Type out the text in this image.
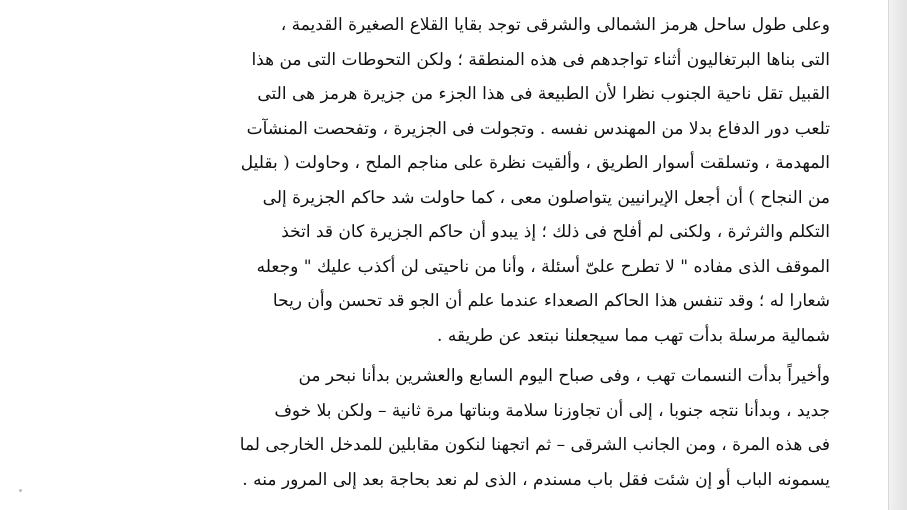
وعلى طول ساحل هرمز الشمالى والشرقى توجد بقايا القلاع الصغيرة القديمة ،
التى بناها البرتغاليون أثناء تواجدهم فى هذه المنطقة ؛ ولكن التحوطات التى من هذا
القبيل تقل ناحية الجنوب نظرا لأن الطبيعة فى هذا الجزء من جزيرة هرمز هى التى
تلعب دور الدفاع بدلا من المهندس نفسه . وتجولت فى الجزيرة ، وتفحصت المنشآت
المهدمة ، وتسلقت أسوار الطريق ، وألقيت نظرة على مناجم الملح ، وحاولت ( بقليل
من النجاح ) أن أجعل الإيرانيين يتواصلون معى ، كما حاولت شد حاكم الجزيرة إلى
التكلم والثرثرة ، ولكنى لم أفلح فى ذلك ؛ إذ يبدو أن حاكم الجزيرة كان قد اتخذ
الموقف الذى مفاده " لا تطرح علىّ أسئلة ، وأنا من ناحيتى لن أكذب عليك " وجعله
شعارا له ؛ وقد تنفس هذا الحاكم الصعداء عندما علم أن الجو قد تحسن وأن ريحا
شمالية مرسلة بدأت تهب مما سيجعلنا نبتعد عن طريقه .

وأخيراً بدأت النسمات تهب ، وفى صباح اليوم السابع والعشرين بدأنا نبحر من
جديد ، وبدأنا نتجه جنوبا ، إلى أن تجاوزنا سلامة وبناتها مرة ثانية – ولكن بلا خوف
فى هذه المرة ، ومن الجانب الشرقى – ثم اتجهنا لنكون مقابلين للمدخل الخارجى لما
يسمونه الباب أو إن شئت فقل باب مسندم ، الذى لم نعد بحاجة بعد إلى المرور منه .
